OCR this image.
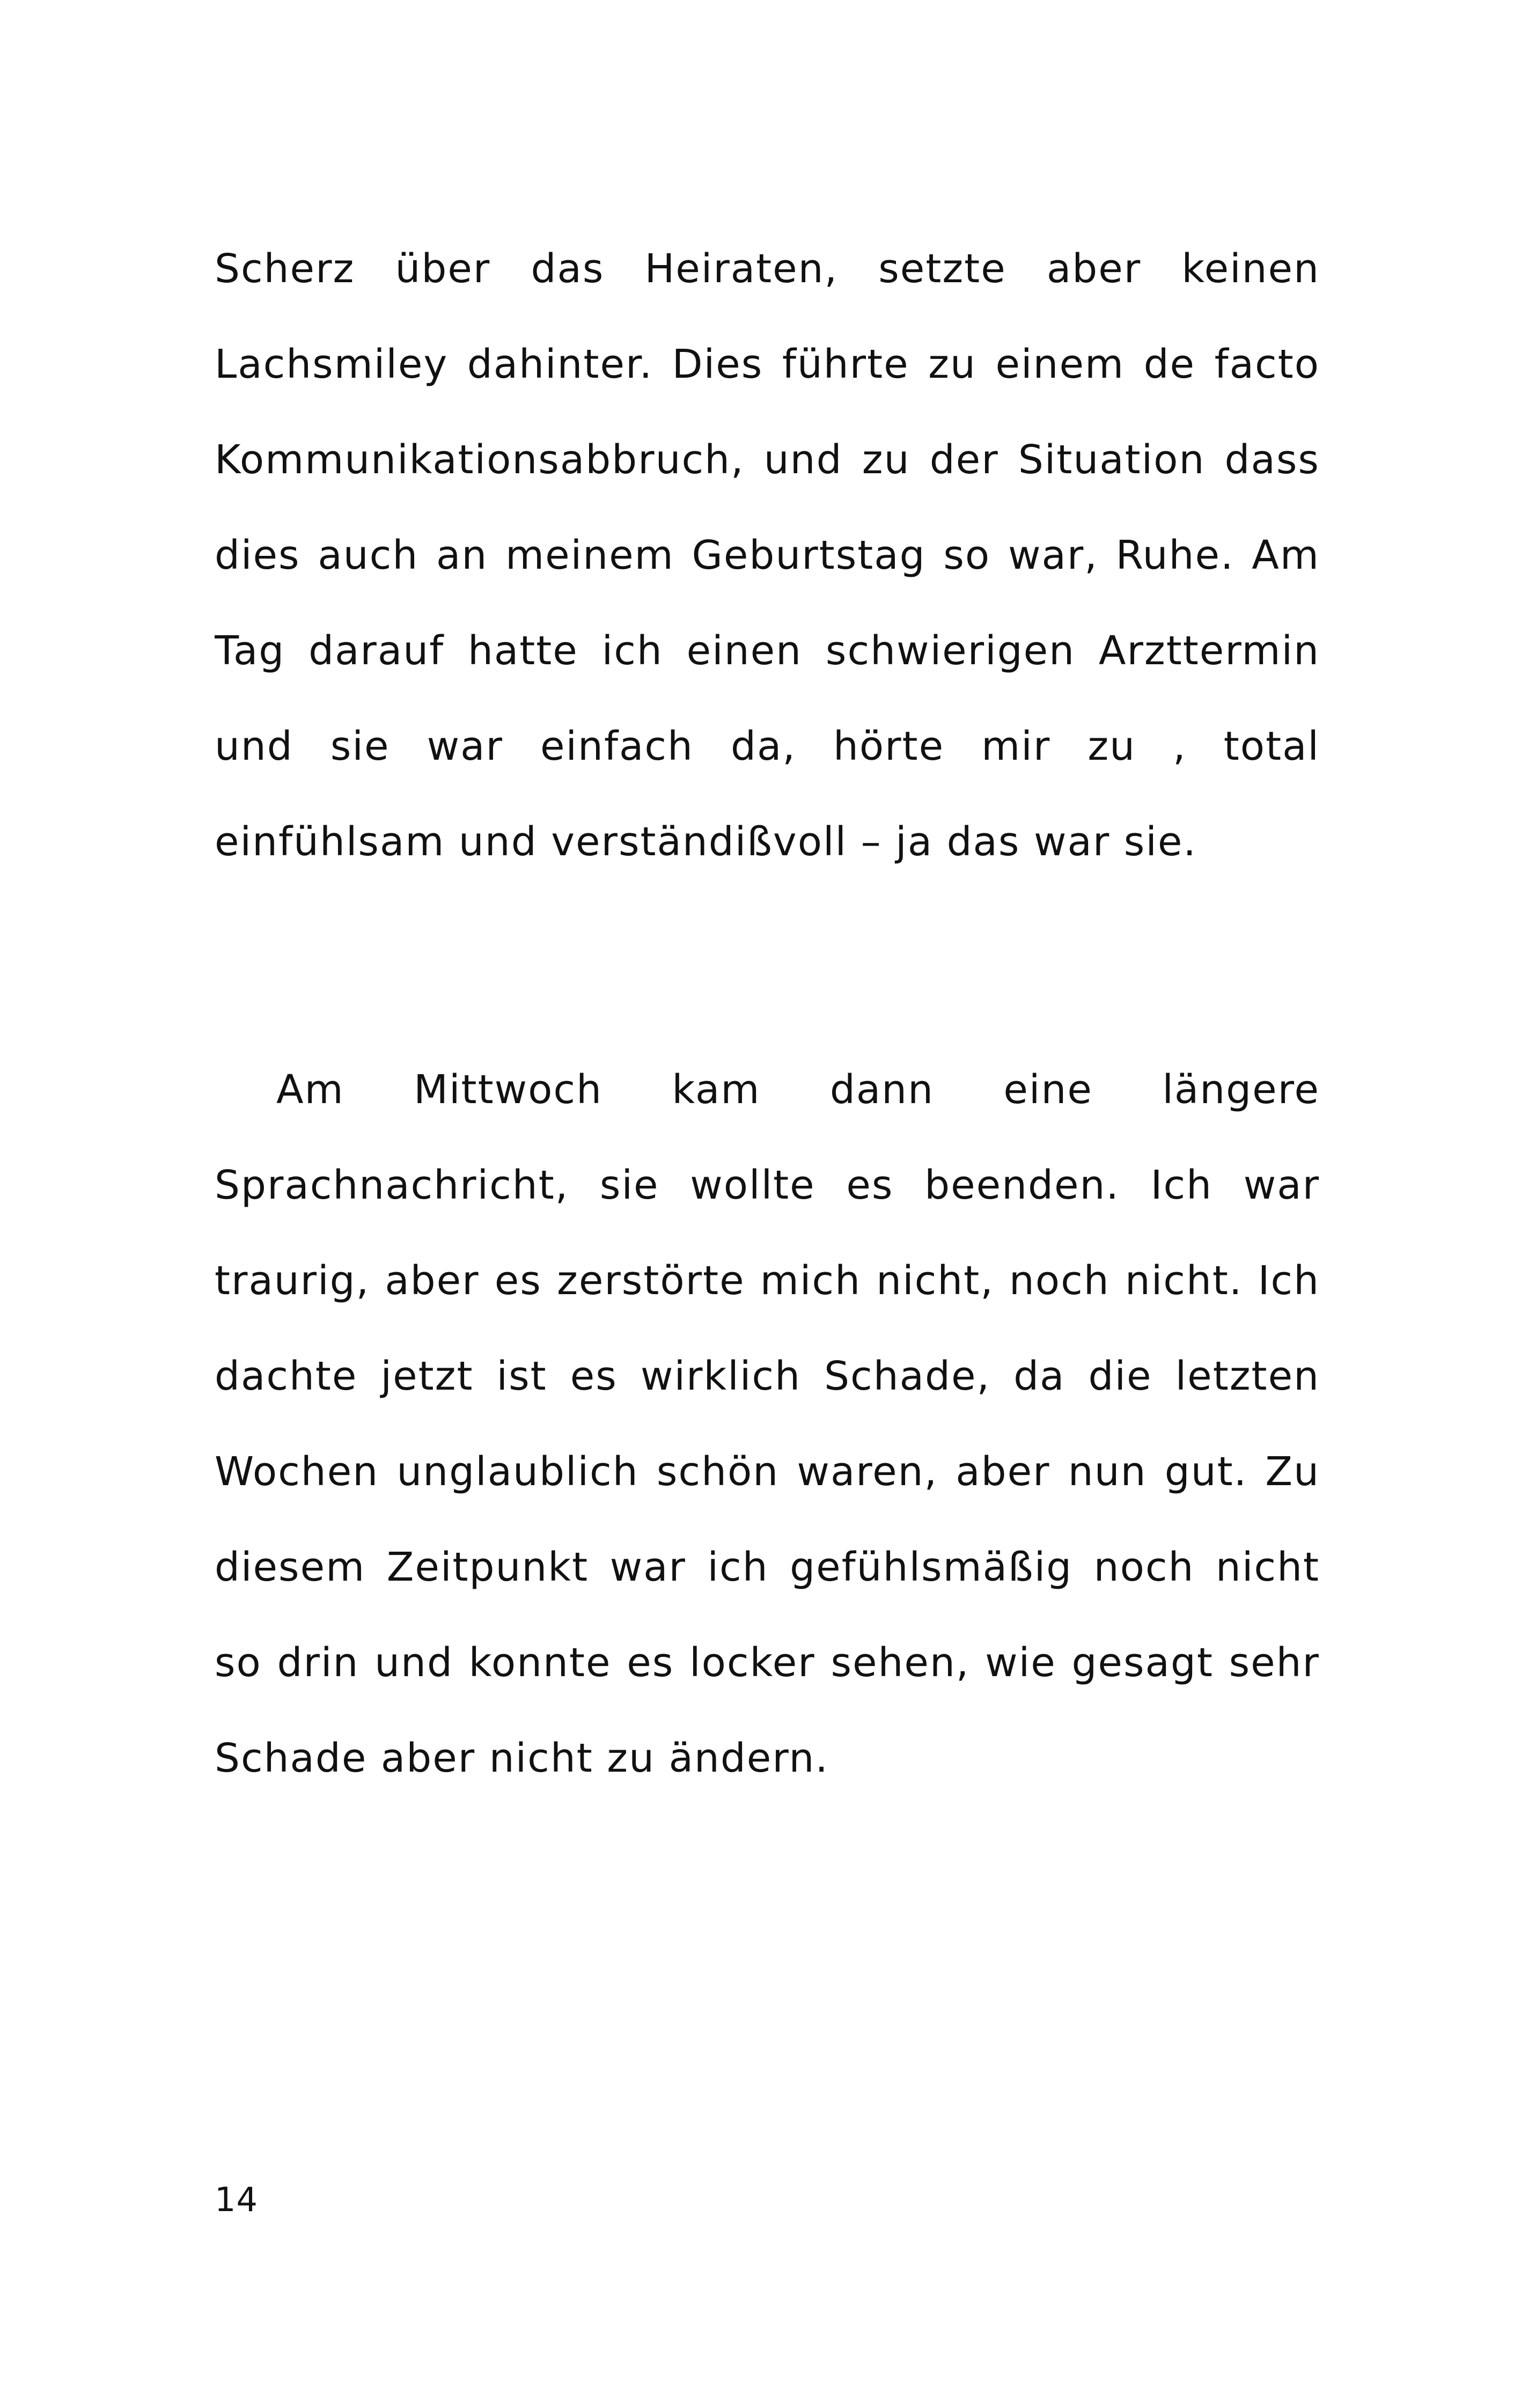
Scherz über das Heiraten, setzte aber keinen
Lachsmiley dahinter. Dies führte zu einem de facto
Kommunikationsabbruch, und zu der Situation dass
dies auch an meinem Geburtstag so war, Ruhe. Am
Tag darauf hatte ich einen schwierigen Arzttermin
und sie war einfach da, hörte mir zu , total
einfühlsam und verständißvoll – ja das war sie.
Am Mittwoch kam dann eine längere
Sprachnachricht, sie wollte es beenden. Ich war
traurig, aber es zerstörte mich nicht, noch nicht. Ich
dachte jetzt ist es wirklich Schade, da die letzten
Wochen unglaublich schön waren, aber nun gut. Zu
diesem Zeitpunkt war ich gefühlsmäßig noch nicht
so drin und konnte es locker sehen, wie gesagt sehr
Schade aber nicht zu ändern.
14
